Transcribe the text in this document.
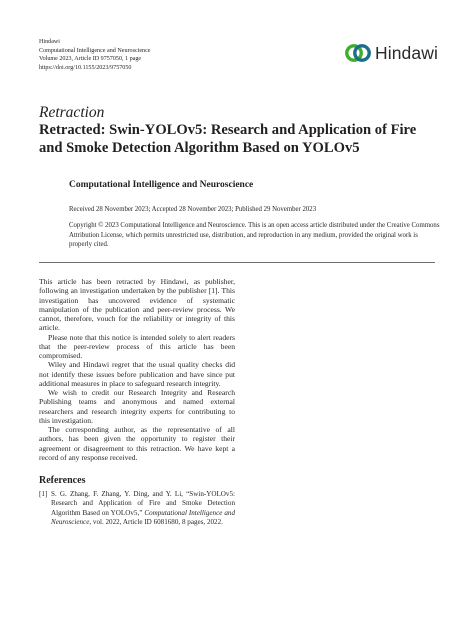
Hindawi
Computational Intelligence and Neuroscience
Volume 2023, Article ID 9757050, 1 page
https://doi.org/10.1155/2023/9757050
Hindawi
Retraction
Retracted: Swin-YOLOv5: Research and Application of Fire and Smoke Detection Algorithm Based on YOLOv5
Computational Intelligence and Neuroscience
Received 28 November 2023; Accepted 28 November 2023; Published 29 November 2023
Copyright © 2023 Computational Intelligence and Neuroscience. This is an open access article distributed under the Creative Commons Attribution License, which permits unrestricted use, distribution, and reproduction in any medium, provided the original work is properly cited.

This article has been retracted by Hindawi, as publisher, following an investigation undertaken by the publisher [1]. This investigation has uncovered evidence of systematic manipulation of the publication and peer-review process. We cannot, therefore, vouch for the reliability or integrity of this article.

Please note that this notice is intended solely to alert readers that the peer-review process of this article has been compromised.

Wiley and Hindawi regret that the usual quality checks did not identify these issues before publication and have since put additional measures in place to safeguard research integrity.

We wish to credit our Research Integrity and Research Publishing teams and anonymous and named external researchers and research integrity experts for contributing to this investigation.

The corresponding author, as the representative of all authors, has been given the opportunity to register their agreement or disagreement to this retraction. We have kept a record of any response received.

References
[1] S. G. Zhang, F. Zhang, Y. Ding, and Y. Li, “Swin-YOLOv5: Research and Application of Fire and Smoke Detection Algorithm Based on YOLOv5,” Computational Intelligence and Neuroscience, vol. 2022, Article ID 6081680, 8 pages, 2022.
